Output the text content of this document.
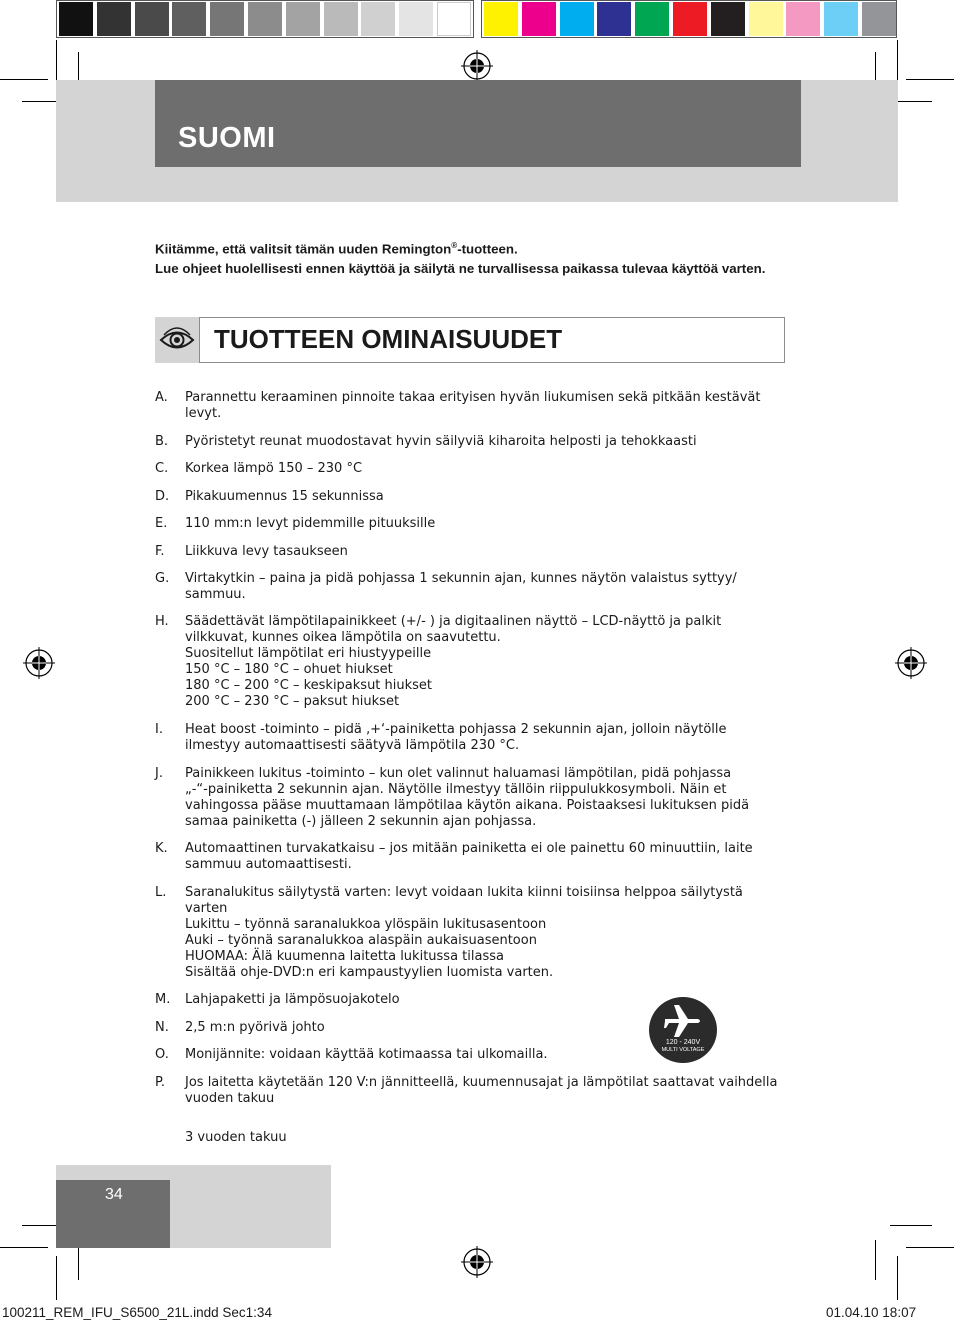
SUOMI
Kiitämme, että valitsit tämän uuden Remington®-tuotteen.
Lue ohjeet huolellisesti ennen käyttöä ja säilytä ne turvallisessa paikassa tulevaa käyttöä varten.
TUOTTEEN OMINAISUUDET
A.	Parannettu keraaminen pinnoite takaa erityisen hyvän liukumisen sekä pitkään kestävät
levyt.
B.	Pyöristetyt reunat muodostavat hyvin säilyviä kiharoita helposti ja tehokkaasti
C.	Korkea lämpö 150 – 230 °C
D.	Pikakuumennus 15 sekunnissa
E.	110 mm:n levyt pidemmille pituuksille
F.	Liikkuva levy tasaukseen
G.	Virtakytkin – paina ja pidä pohjassa 1 sekunnin ajan, kunnes näytön valaistus syttyy/
sammuu.
H.	Säädettävät lämpötilapainikkeet (+/- ) ja digitaalinen näyttö – LCD-näyttö ja palkit
vilkkuvat, kunnes oikea lämpötila on saavutettu.
Suositellut lämpötilat eri hiustyypeille
150 °C – 180 °C – ohuet hiukset
180 °C – 200 °C – keskipaksut hiukset
200 °C – 230 °C – paksut hiukset
I.	Heat boost -toiminto – pidä ‚+‘-painiketta pohjassa 2 sekunnin ajan, jolloin näytölle
ilmestyy automaattisesti säätyvä lämpötila 230 °C.
J.	Painikkeen lukitus -toiminto – kun olet valinnut haluamasi lämpötilan, pidä pohjassa
„-“-painiketta 2 sekunnin ajan. Näytölle ilmestyy tällöin riippulukkosymboli. Näin et
vahingossa pääse muuttamaan lämpötilaa käytön aikana. Poistaaksesi lukituksen pidä
samaa painiketta (-) jälleen 2 sekunnin ajan pohjassa.
K.	Automaattinen turvakatkaisu – jos mitään painiketta ei ole painettu 60 minuuttiin, laite
sammuu automaattisesti.
L.	Saranalukitus säilytystä varten: levyt voidaan lukita kiinni toisiinsa helppoa säilytystä
varten
Lukittu – työnnä saranalukkoa ylöspäin lukitusasentoon
Auki – työnnä saranalukkoa alaspäin aukaisuasentoon
HUOMAA: Älä kuumenna laitetta lukitussa tilassa
Sisältää ohje-DVD:n eri kampaustyylien luomista varten.
M.	Lahjapaketti ja lämpösuojakotelo
N.	2,5 m:n pyörivä johto
O.	Monijännite: voidaan käyttää kotimaassa tai ulkomailla.
P.	Jos laitetta käytetään 120 V:n jännitteellä, kuumennusajat ja lämpötilat saattavat vaihdella
vuoden takuu
3 vuoden takuu
120 - 240V
MULTI VOLTAGE
34
100211_REM_IFU_S6500_21L.indd Sec1:34	01.04.10 18:07
